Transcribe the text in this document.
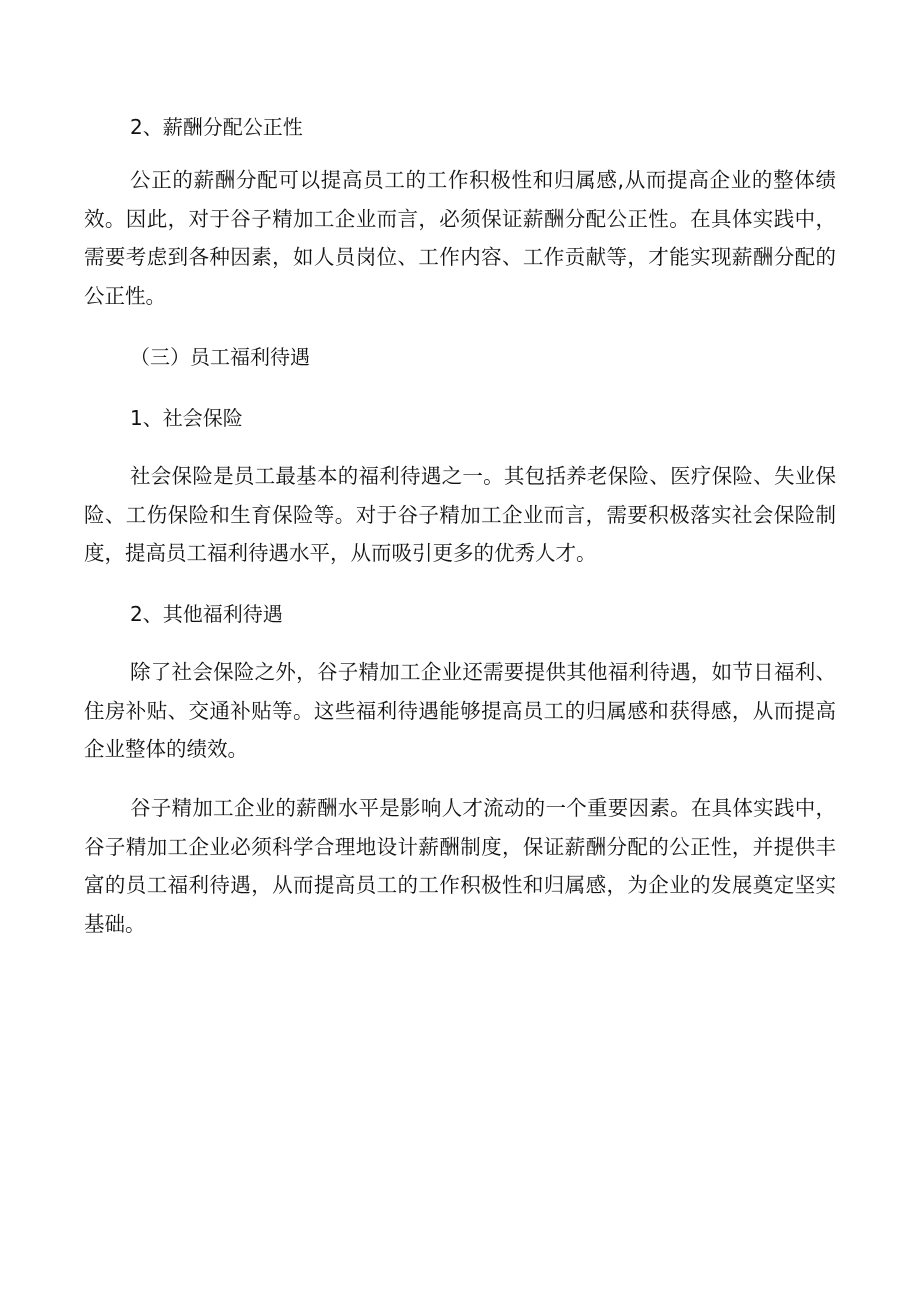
2、薪酬分配公正性

公正的薪酬分配可以提高员工的工作积极性和归属感,从而提高企业的整体绩效。因此，对于谷子精加工企业而言，必须保证薪酬分配公正性。在具体实践中，需要考虑到各种因素，如人员岗位、工作内容、工作贡献等，才能实现薪酬分配的公正性。

（三）员工福利待遇

1、社会保险

社会保险是员工最基本的福利待遇之一。其包括养老保险、医疗保险、失业保险、工伤保险和生育保险等。对于谷子精加工企业而言，需要积极落实社会保险制度，提高员工福利待遇水平，从而吸引更多的优秀人才。

2、其他福利待遇

除了社会保险之外，谷子精加工企业还需要提供其他福利待遇，如节日福利、住房补贴、交通补贴等。这些福利待遇能够提高员工的归属感和获得感，从而提高企业整体的绩效。

谷子精加工企业的薪酬水平是影响人才流动的一个重要因素。在具体实践中，谷子精加工企业必须科学合理地设计薪酬制度，保证薪酬分配的公正性，并提供丰富的员工福利待遇，从而提高员工的工作积极性和归属感，为企业的发展奠定坚实基础。
